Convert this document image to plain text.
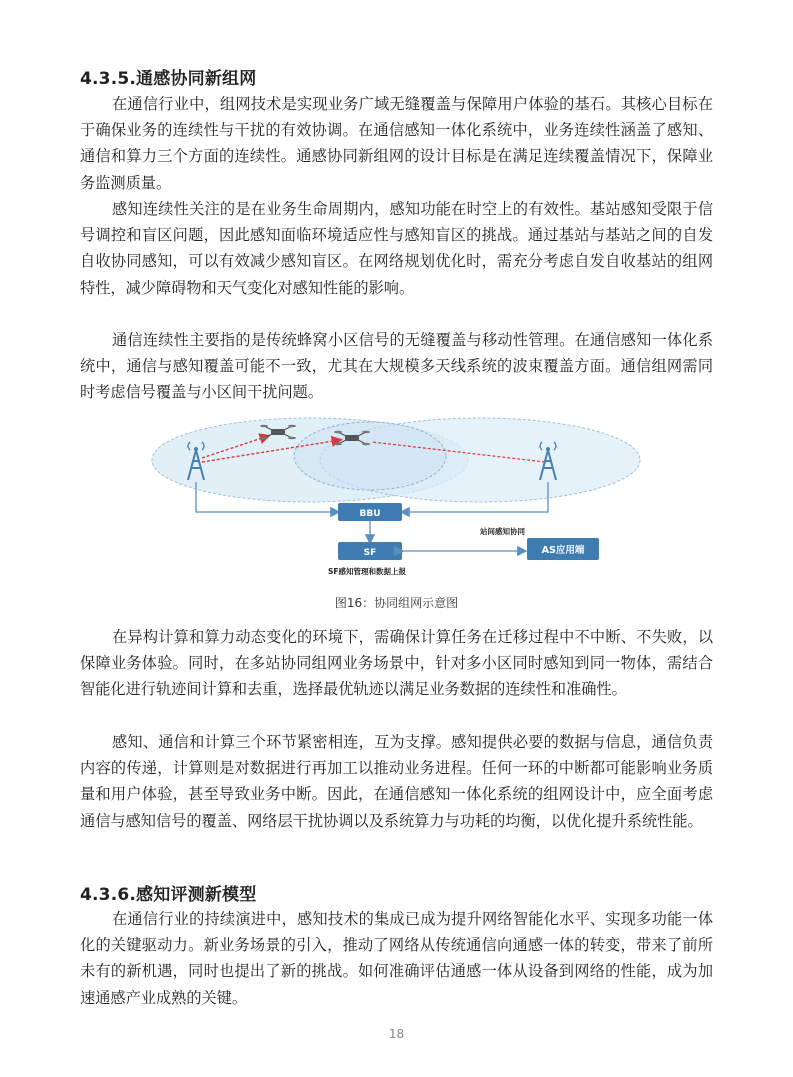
4.3.5.通感协同新组网

在通信行业中，组网技术是实现业务广域无缝覆盖与保障用户体验的基石。其核心目标在于确保业务的连续性与干扰的有效协调。在通信感知一体化系统中，业务连续性涵盖了感知、通信和算力三个方面的连续性。通感协同新组网的设计目标是在满足连续覆盖情况下，保障业务监测质量。

感知连续性关注的是在业务生命周期内，感知功能在时空上的有效性。基站感知受限于信号调控和盲区问题，因此感知面临环境适应性与感知盲区的挑战。通过基站与基站之间的自发自收协同感知，可以有效减少感知盲区。在网络规划优化时，需充分考虑自发自收基站的组网特性，减少障碍物和天气变化对感知性能的影响。

通信连续性主要指的是传统蜂窝小区信号的无缝覆盖与移动性管理。在通信感知一体化系统中，通信与感知覆盖可能不一致，尤其在大规模多天线系统的波束覆盖方面。通信组网需同时考虑信号覆盖与小区间干扰问题。

BBU
SF	AS应用端
站间感知协同
SF感知管理和数据上报
图16：协同组网示意图

在异构计算和算力动态变化的环境下，需确保计算任务在迁移过程中不中断、不失败，以保障业务体验。同时，在多站协同组网业务场景中，针对多小区同时感知到同一物体，需结合智能化进行轨迹间计算和去重，选择最优轨迹以满足业务数据的连续性和准确性。

感知、通信和计算三个环节紧密相连，互为支撑。感知提供必要的数据与信息，通信负责内容的传递，计算则是对数据进行再加工以推动业务进程。任何一环的中断都可能影响业务质量和用户体验，甚至导致业务中断。因此，在通信感知一体化系统的组网设计中，应全面考虑通信与感知信号的覆盖、网络层干扰协调以及系统算力与功耗的均衡，以优化提升系统性能。

4.3.6.感知评测新模型

在通信行业的持续演进中，感知技术的集成已成为提升网络智能化水平、实现多功能一体化的关键驱动力。新业务场景的引入，推动了网络从传统通信向通感一体的转变，带来了前所未有的新机遇，同时也提出了新的挑战。如何准确评估通感一体从设备到网络的性能，成为加速通感产业成熟的关键。

18
